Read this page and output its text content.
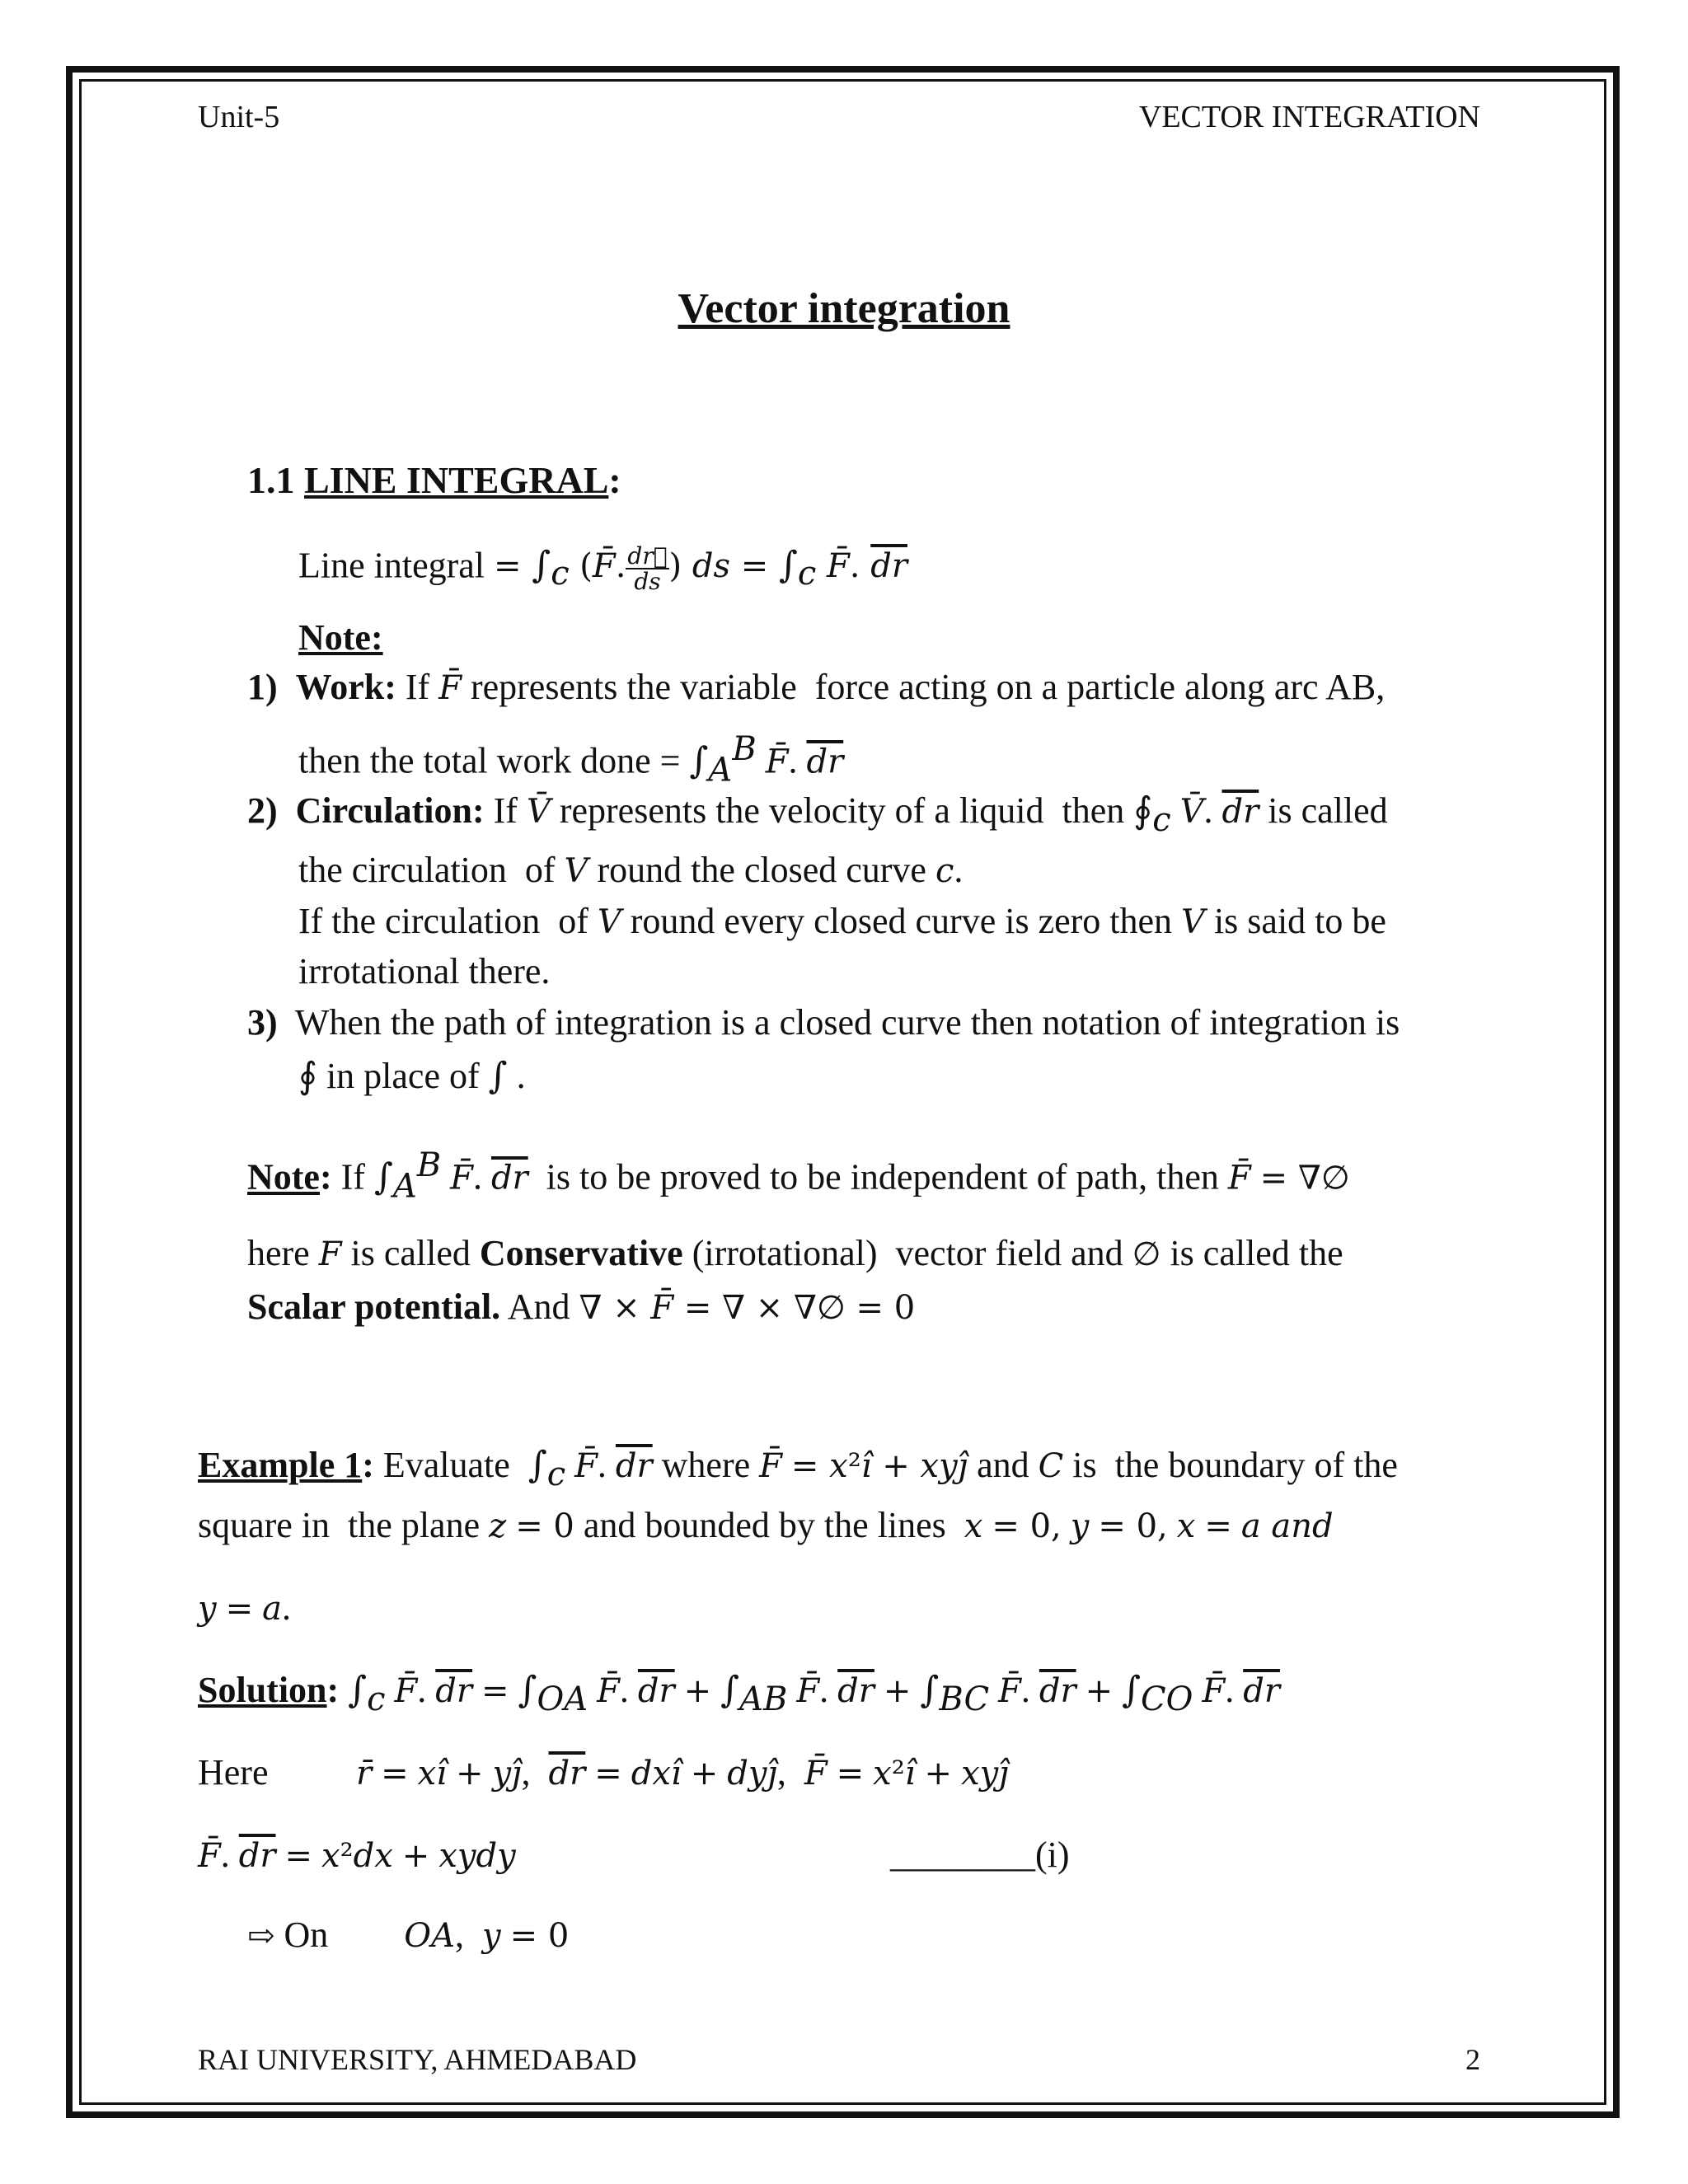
Unit-5	VECTOR INTEGRATION
Vector integration
1.1 LINE INTEGRAL:
Line integral = $\int_c$ (F̄. $\frac{dr⃗}{ds}$ ) ds = $\int_c$ F̄. $\overline{dr}$
Note:
1) Work: If F̄ represents the variable  force acting on a particle along arc AB,
then the total work done = $\int_A^B$ F̄. $\overline{dr}$
2) Circulation: If V̄ represents the velocity of a liquid  then $∮_c$ V̄. $\overline{dr}$ is called
the circulation  of V round the closed curve c.
If the circulation  of V round every closed curve is zero then V is said to be
irrotational there.
3) When the path of integration is a closed curve then notation of integration is
∮ in place of ∫ .
Note: If $\int_A^B$ F̄. $\overline{dr}$  is to be proved to be independent of path, then F̄ = ∇∅
here F is called Conservative (irrotational)  vector field and ∅ is called the
Scalar potential. And ∇ × F̄ = ∇ × ∇∅ = 0
Example 1: Evaluate  $\int_c$ F̄. $\overline{dr}$ where F̄ = x²î + xyĵ and C is  the boundary of the
square in  the plane z = 0 and bounded by the lines  x = 0, y = 0, x = a and
y = a.
Solution: $\int_c$ F̄. $\overline{dr} = \int_{OA}$ F̄. $\overline{dr} + \int_{AB}$ F̄. $\overline{dr} + \int_{BC}$ F̄. $\overline{dr} + \int_{CO}$ F̄. $\overline{dr}$
Here	r̄ = xî + yĵ,  $\overline{dr}$ = dxî + dyĵ,  F̄ = x²î + xyĵ
F̄. $\overline{dr} = x^2dx$ + xydy	________(i)
⇨ On OA,  y = 0
RAI UNIVERSITY, AHMEDABAD	2
